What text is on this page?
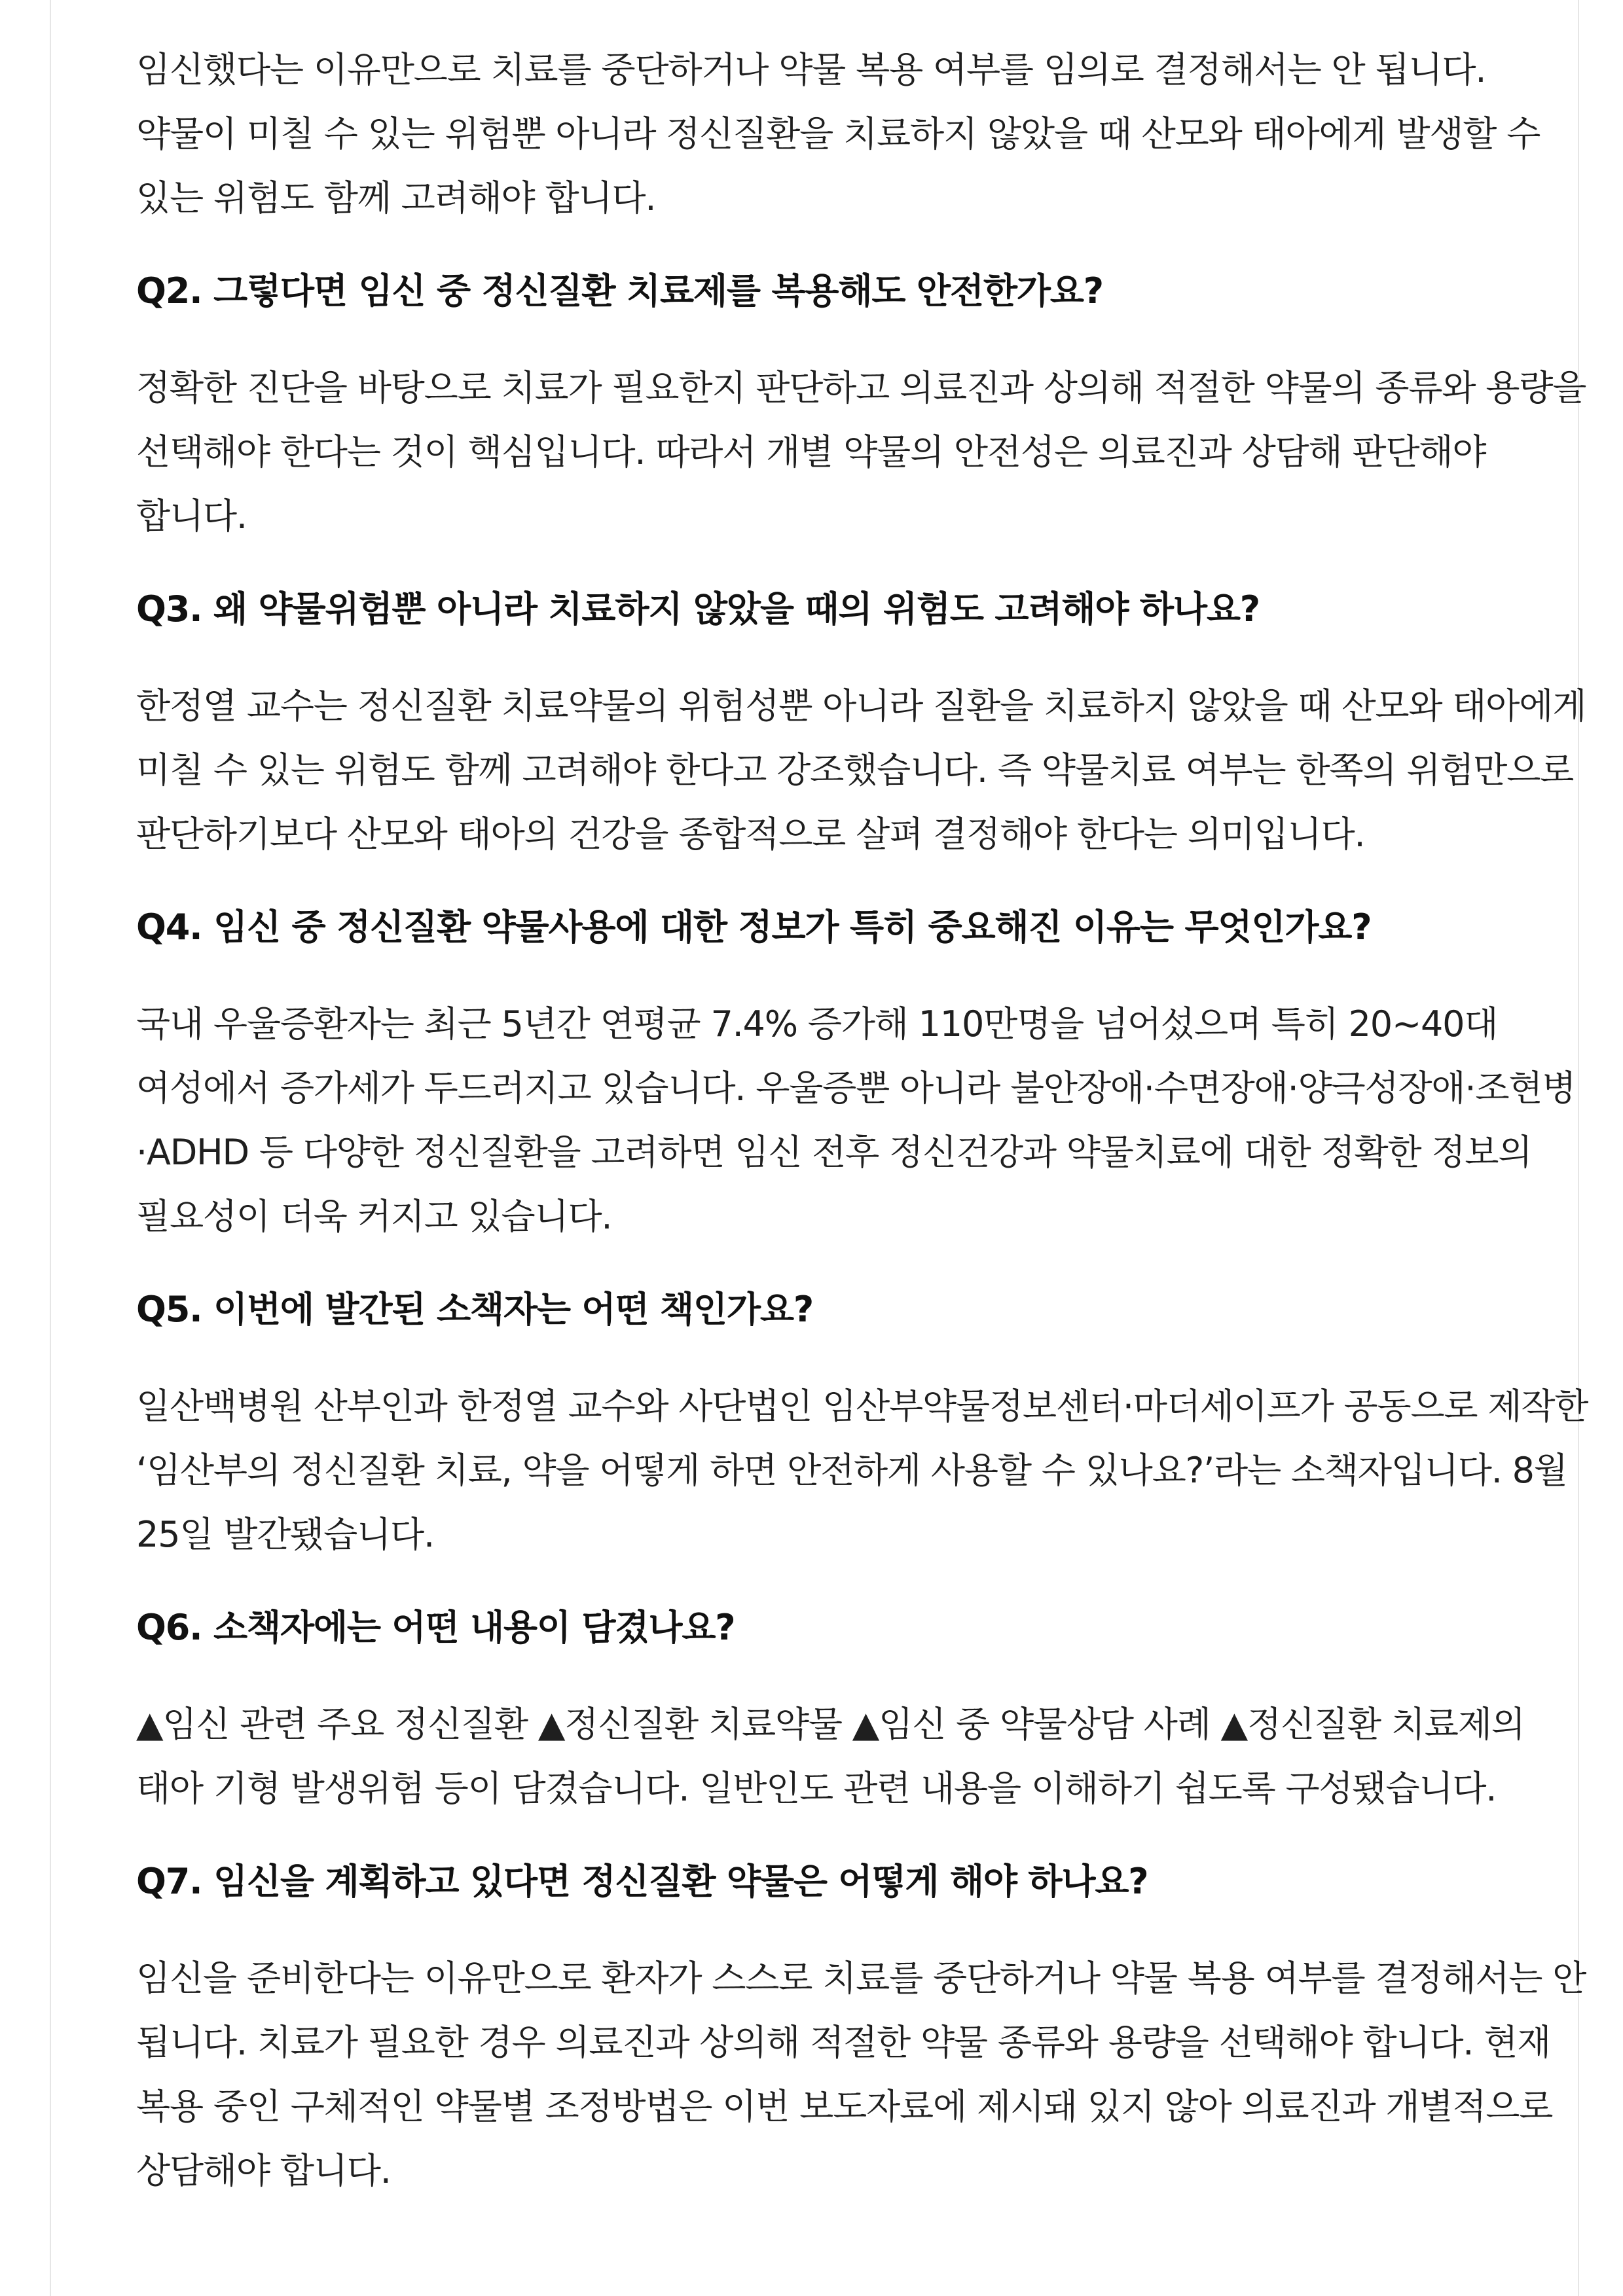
임신했다는 이유만으로 치료를 중단하거나 약물 복용 여부를 임의로 결정해서는 안 됩니다. 약물이 미칠 수 있는 위험뿐 아니라 정신질환을 치료하지 않았을 때 산모와 태아에게 발생할 수 있는 위험도 함께 고려해야 합니다.

Q2. 그렇다면 임신 중 정신질환 치료제를 복용해도 안전한가요?

정확한 진단을 바탕으로 치료가 필요한지 판단하고 의료진과 상의해 적절한 약물의 종류와 용량을 선택해야 한다는 것이 핵심입니다. 따라서 개별 약물의 안전성은 의료진과 상담해 판단해야 합니다.

Q3. 왜 약물위험뿐 아니라 치료하지 않았을 때의 위험도 고려해야 하나요?

한정열 교수는 정신질환 치료약물의 위험성뿐 아니라 질환을 치료하지 않았을 때 산모와 태아에게 미칠 수 있는 위험도 함께 고려해야 한다고 강조했습니다. 즉 약물치료 여부는 한쪽의 위험만으로 판단하기보다 산모와 태아의 건강을 종합적으로 살펴 결정해야 한다는 의미입니다.

Q4. 임신 중 정신질환 약물사용에 대한 정보가 특히 중요해진 이유는 무엇인가요?

국내 우울증환자는 최근 5년간 연평균 7.4% 증가해 110만명을 넘어섰으며 특히 20~40대 여성에서 증가세가 두드러지고 있습니다. 우울증뿐 아니라 불안장애·수면장애·양극성장애·조현병·ADHD 등 다양한 정신질환을 고려하면 임신 전후 정신건강과 약물치료에 대한 정확한 정보의 필요성이 더욱 커지고 있습니다.

Q5. 이번에 발간된 소책자는 어떤 책인가요?

일산백병원 산부인과 한정열 교수와 사단법인 임산부약물정보센터·마더세이프가 공동으로 제작한 ‘임산부의 정신질환 치료, 약을 어떻게 하면 안전하게 사용할 수 있나요?’라는 소책자입니다. 8월 25일 발간됐습니다.

Q6. 소책자에는 어떤 내용이 담겼나요?

▲임신 관련 주요 정신질환 ▲정신질환 치료약물 ▲임신 중 약물상담 사례 ▲정신질환 치료제의 태아 기형 발생위험 등이 담겼습니다. 일반인도 관련 내용을 이해하기 쉽도록 구성됐습니다.

Q7. 임신을 계획하고 있다면 정신질환 약물은 어떻게 해야 하나요?

임신을 준비한다는 이유만으로 환자가 스스로 치료를 중단하거나 약물 복용 여부를 결정해서는 안 됩니다. 치료가 필요한 경우 의료진과 상의해 적절한 약물 종류와 용량을 선택해야 합니다. 현재 복용 중인 구체적인 약물별 조정방법은 이번 보도자료에 제시돼 있지 않아 의료진과 개별적으로 상담해야 합니다.
